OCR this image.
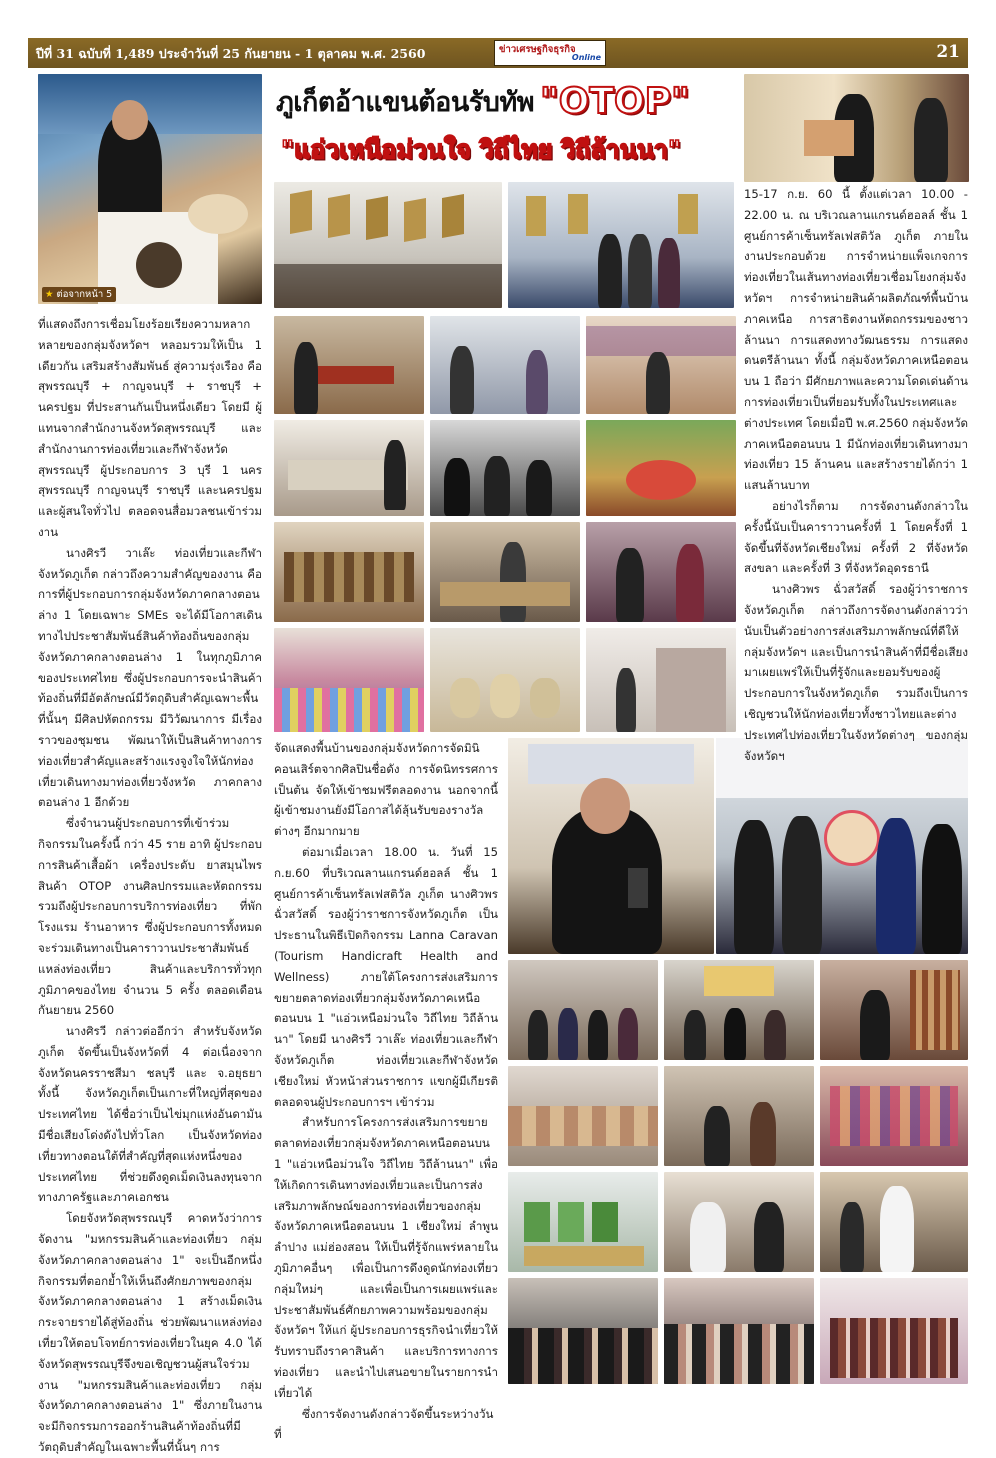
ปีที่ 31 ฉบับที่ 1,489 ประจำวันที่ 25 กันยายน - 1 ตุลาคม พ.ศ. 2560	ข่าวเศรษฐกิจธุรกิจ
Online	21
★ ต่อจากหน้า 5
ภูเก็ตอ้าแขนต้อนรับทัพ "OTOP"
"แอ่วเหนือม่วนใจ วิถีไทย วิถีล้านนา"

ที่แสดงถึงการเชื่อมโยงร้อยเรียงความหลากหลายของกลุ่มจังหวัดฯ หลอมรวมให้เป็น 1 เดียวกัน เสริมสร้างสัมพันธ์ สู่ความรุ่งเรือง คือสุพรรณบุรี + กาญจนบุรี + ราชบุรี + นครปฐม ที่ประสานกันเป็นหนึ่งเดียว โดยมี ผู้แทนจากสำนักงานจังหวัดสุพรรณบุรี และสำนักงานการท่องเที่ยวและกีฬาจังหวัดสุพรรณบุรี ผู้ประกอบการ 3 บุรี 1 นคร สุพรรณบุรี กาญจนบุรี ราชบุรี และนครปฐม และผู้สนใจทั่วไป ตลอดจนสื่อมวลชนเข้าร่วมงาน

นางศิรวี วาเล๊ะ ท่องเที่ยวและกีฬาจังหวัดภูเก็ต กล่าวถึงความสำคัญของงาน คือการที่ผู้ประกอบการกลุ่มจังหวัดภาคกลางตอนล่าง 1 โดยเฉพาะ SMEs จะได้มีโอกาสเดินทางไปประชาสัมพันธ์สินค้าท้องถิ่นของกลุ่มจังหวัดภาคกลางตอนล่าง 1 ในทุกภูมิภาคของประเทศไทย ซึ่งผู้ประกอบการจะนำสินค้าท้องถิ่นที่มีอัตลักษณ์มีวัตถุดิบสำคัญเฉพาะพื้นที่นั้นๆ มีศิลปหัตถกรรม มีวิวัฒนาการ มีเรื่องราวของชุมชน พัฒนาให้เป็นสินค้าทางการท่องเที่ยวสำคัญและสร้างแรงจูงใจให้นักท่องเที่ยวเดินทางมาท่องเที่ยวจังหวัด ภาคกลางตอนล่าง 1 อีกด้วย

ซึ่งจำนวนผู้ประกอบการที่เข้าร่วมกิจกรรมในครั้งนี้ กว่า 45 ราย อาทิ ผู้ประกอบการสินค้าเสื้อผ้า เครื่องประดับ ยาสมุนไพร สินค้า OTOP งานศิลปกรรมและหัตถกรรม รวมถึงผู้ประกอบการบริการท่องเที่ยว ที่พัก โรงแรม ร้านอาหาร ซึ่งผู้ประกอบการทั้งหมดจะร่วมเดินทางเป็นคาราวานประชาสัมพันธ์แหล่งท่องเที่ยว สินค้าและบริการทั่วทุกภูมิภาคของไทย จำนวน 5 ครั้ง ตลอดเดือนกันยายน 2560

นางศิรวี กล่าวต่ออีกว่า สำหรับจังหวัดภูเก็ต จัดขึ้นเป็นจังหวัดที่ 4 ต่อเนื่องจากจังหวัดนครราชสีมา ชลบุรี และ จ.อยุธยา ทั้งนี้ จังหวัดภูเก็ตเป็นเกาะที่ใหญ่ที่สุดของประเทศไทย ได้ชื่อว่าเป็นไข่มุกแห่งอันดามันมีชื่อเสียงโด่งดังไปทั่วโลก เป็นจังหวัดท่องเที่ยวทางตอนใต้ที่สำคัญที่สุดแห่งหนึ่งของประเทศไทย ที่ช่วยดึงดูดเม็ดเงินลงทุนจากทางภาครัฐและภาคเอกชน

โดยจังหวัดสุพรรณบุรี คาดหวังว่าการจัดงาน "มหกรรมสินค้าและท่องเที่ยว กลุ่มจังหวัดภาคกลางตอนล่าง 1" จะเป็นอีกหนึ่งกิจกรรมที่ตอกย้ำให้เห็นถึงศักยภาพของกลุ่มจังหวัดภาคกลางตอนล่าง 1 สร้างเม็ดเงินกระจายรายได้สู่ท้องถิ่น ช่วยพัฒนาแหล่งท่องเที่ยวให้ตอบโจทย์การท่องเที่ยวในยุค 4.0 ได้ จังหวัดสุพรรณบุรีจึงขอเชิญชวนผู้สนใจร่วมงาน "มหกรรมสินค้าและท่องเที่ยว กลุ่มจังหวัดภาคกลางตอนล่าง 1" ซึ่งภายในงานจะมีกิจกรรมการออกร้านสินค้าท้องถิ่นที่มีวัตถุดิบสำคัญในเฉพาะพื้นที่นั้นๆ การ

จัดแสดงพื้นบ้านของกลุ่มจังหวัดการจัดมินิคอนเสิร์ตจากศิลปินชื่อดัง การจัดนิทรรศการ เป็นต้น จัดให้เข้าชมฟรีตลอดงาน นอกจากนี้ผู้เข้าชมงานยังมีโอกาสได้ลุ้นรับของรางวัลต่างๆ อีกมากมาย

ต่อมาเมื่อเวลา 18.00 น. วันที่ 15 ก.ย.60 ที่บริเวณลานแกรนด์ฮอลล์ ชั้น 1 ศูนย์การค้าเซ็นทรัลเฟสติวัล ภูเก็ต นางศิวพร ฉั่วสวัสดิ์ รองผู้ว่าราชการจังหวัดภูเก็ต เป็นประธานในพิธีเปิดกิจกรรม Lanna Caravan (Tourism Handicraft Health and Wellness) ภายใต้โครงการส่งเสริมการขยายตลาดท่องเที่ยวกลุ่มจังหวัดภาคเหนือตอนบน 1 "แอ่วเหนือม่วนใจ วิถีไทย วิถีล้านนา" โดยมี นางศิรวี วาเล๊ะ ท่องเที่ยวและกีฬาจังหวัดภูเก็ต ท่องเที่ยวและกีฬาจังหวัดเชียงใหม่ หัวหน้าส่วนราชการ แขกผู้มีเกียรติ ตลอดจนผู้ประกอบการฯ เข้าร่วม

สำหรับการโครงการส่งเสริมการขยายตลาดท่องเที่ยวกลุ่มจังหวัดภาคเหนือตอนบน 1 "แอ่วเหนือม่วนใจ วิถีไทย วิถีล้านนา" เพื่อให้เกิดการเดินทางท่องเที่ยวและเป็นการส่งเสริมภาพลักษณ์ของการท่องเที่ยวของกลุ่มจังหวัดภาคเหนือตอนบน 1 เชียงใหม่ ลำพูน ลำปาง แม่ฮ่องสอน ให้เป็นที่รู้จักแพร่หลายในภูมิภาคอื่นๆ เพื่อเป็นการดึงดูดนักท่องเที่ยวกลุ่มใหม่ๆ และเพื่อเป็นการเผยแพร่และประชาสัมพันธ์ศักยภาพความพร้อมของกลุ่มจังหวัดฯ ให้แก่ ผู้ประกอบการธุรกิจนำเที่ยวให้รับทราบถึงราคาสินค้า และบริการทางการท่องเที่ยว และนำไปเสนอขายในรายการนำเที่ยวได้

ซึ่งการจัดงานดังกล่าวจัดขึ้นระหว่างวันที่

15-17 ก.ย. 60 นี้ ตั้งแต่เวลา 10.00 - 22.00 น. ณ บริเวณลานแกรนด์ฮอลล์ ชั้น 1 ศูนย์การค้าเซ็นทรัลเฟสติวัล ภูเก็ต ภายในงานประกอบด้วย การจำหน่ายแพ็จเกจการท่องเที่ยวในเส้นทางท่องเที่ยวเชื่อมโยงกลุ่มจังหวัดฯ การจำหน่ายสินค้าผลิตภัณฑ์พื้นบ้านภาคเหนือ การสาธิตงานหัตถกรรมของชาวล้านนา การแสดงทางวัฒนธรรม การแสดงดนตรีล้านนา ทั้งนี้ กลุ่มจังหวัดภาคเหนือตอนบน 1 ถือว่า มีศักยภาพและความโดดเด่นด้านการท่องเที่ยวเป็นที่ยอมรับทั้งในประเทศและต่างประเทศ โดยเมื่อปี พ.ศ.2560 กลุ่มจังหวัดภาคเหนือตอนบน 1 มีนักท่องเที่ยวเดินทางมาท่องเที่ยว 15 ล้านคน และสร้างรายได้กว่า 1 แสนล้านบาท

อย่างไรก็ตาม การจัดงานดังกล่าวในครั้งนี้นับเป็นคาราวานครั้งที่ 1 โดยครั้งที่ 1 จัดขึ้นที่จังหวัดเชียงใหม่ ครั้งที่ 2 ที่จังหวัดสงขลา และครั้งที่ 3 ที่จังหวัดอุดรธานี

นางศิวพร ฉั่วสวัสดิ์ รองผู้ว่าราชการจังหวัดภูเก็ต กล่าวถึงการจัดงานดังกล่าวว่า นับเป็นตัวอย่างการส่งเสริมภาพลักษณ์ที่ดีให้กลุ่มจังหวัดฯ และเป็นการนำสินค้าที่มีชื่อเสียงมาเผยแพร่ให้เป็นที่รู้จักและยอมรับของผู้ประกอบการในจังหวัดภูเก็ต รวมถึงเป็นการเชิญชวนให้นักท่องเที่ยวทั้งชาวไทยและต่างประเทศไปท่องเที่ยวในจังหวัดต่างๆ ของกลุ่มจังหวัดฯ
